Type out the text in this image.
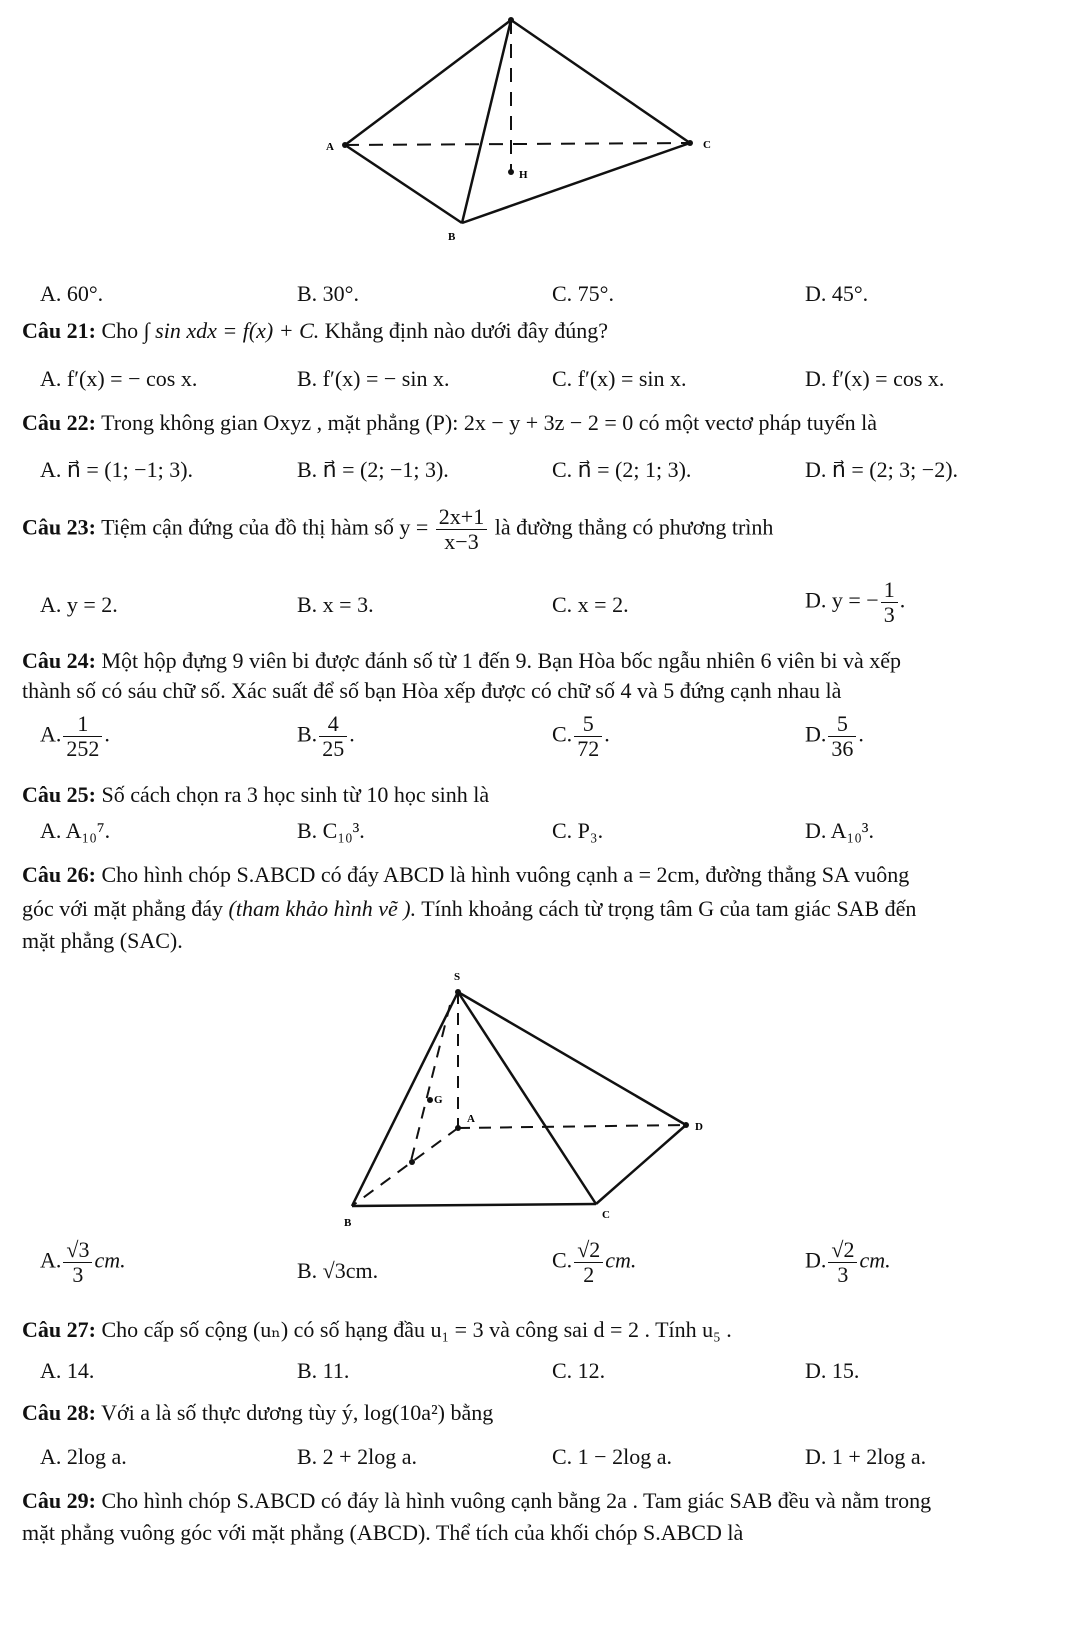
A	C
H
B
A. 60°.	B. 30°.	C. 75°.	D. 45°.
Câu 21: Cho ∫ sin xdx = f(x) + C. Khẳng định nào dưới đây đúng?
A. f′(x) = − cos x.	B. f′(x) = − sin x.	C. f′(x) = sin x.	D. f′(x) = cos x.
Câu 22: Trong không gian Oxyz , mặt phẳng (P): 2x − y + 3z − 2 = 0 có một vectơ pháp tuyến là
A. n⃗ = (1; −1; 3).	B. n⃗ = (2; −1; 3).	C. n⃗ = (2; 1; 3).	D. n⃗ = (2; 3; −2).
Câu 23: Tiệm cận đứng của đồ thị hàm số $y = \frac{2x+1}{x-3}$ là đường thẳng có phương trình
A. y = 2.	B. x = 3.	C. x = 2.	D. y = − $\frac{1}{3}$ .
Câu 24: Một hộp đựng 9 viên bi được đánh số từ 1 đến 9. Bạn Hòa bốc ngẫu nhiên 6 viên bi và xếp
thành số có sáu chữ số. Xác suất để số bạn Hòa xếp được có chữ số 4 và 5 đứng cạnh nhau là
A. $\frac{1}{252}$ .	B. $\frac{4}{25}$ .	C. $\frac{5}{72}$ .	D. $\frac{5}{36}$ .
Câu 25: Số cách chọn ra 3 học sinh từ 10 học sinh là
A. A₁₀⁷.	B. C₁₀³.	C. P₃.	D. A₁₀³.
Câu 26: Cho hình chóp S.ABCD có đáy ABCD là hình vuông cạnh a = 2cm, đường thẳng SA vuông
góc với mặt phẳng đáy (tham khảo hình vẽ ). Tính khoảng cách từ trọng tâm G của tam giác SAB đến
mặt phẳng (SAC).
S
A
D
G
B
C
A. $\frac{√3}{3}$ cm.	B. √3cm.	C. $\frac{√2}{2}$ cm.	D. $\frac{√2}{3}$ cm.
Câu 27: Cho cấp số cộng (uₙ) có số hạng đầu u₁ = 3 và công sai d = 2 . Tính u₅ .
A. 14.	B. 11.	C. 12.	D. 15.
Câu 28: Với a là số thực dương tùy ý, log(10a²) bằng
A. 2log a.	B. 2 + 2log a.	C. 1 − 2log a.	D. 1 + 2log a.
Câu 29: Cho hình chóp S.ABCD có đáy là hình vuông cạnh bằng 2a . Tam giác SAB đều và nằm trong
mặt phẳng vuông góc với mặt phẳng (ABCD). Thể tích của khối chóp S.ABCD là
